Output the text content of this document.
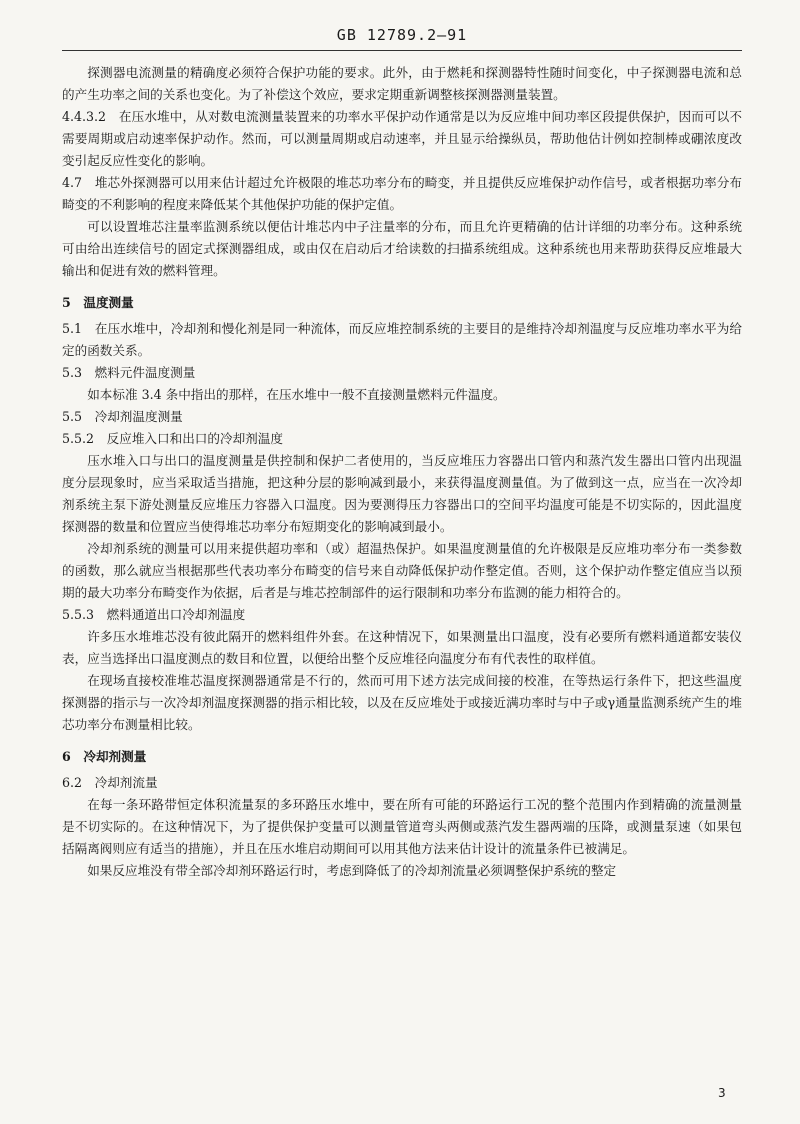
GB 12789.2—91
探测器电流测量的精确度必须符合保护功能的要求。此外，由于燃耗和探测器特性随时间变化，中子探测器电流和总的产生功率之间的关系也变化。为了补偿这个效应，要求定期重新调整核探测器测量装置。
4.4.3.2　在压水堆中，从对数电流测量装置来的功率水平保护动作通常是以为反应堆中间功率区段提供保护，因而可以不需要周期或启动速率保护动作。然而，可以测量周期或启动速率，并且显示给操纵员，帮助他估计例如控制棒或硼浓度改变引起反应性变化的影响。
4.7　堆芯外探测器可以用来估计超过允许极限的堆芯功率分布的畸变，并且提供反应堆保护动作信号，或者根据功率分布畸变的不利影响的程度来降低某个其他保护功能的保护定值。
可以设置堆芯注量率监测系统以便估计堆芯内中子注量率的分布，而且允许更精确的估计详细的功率分布。这种系统可由给出连续信号的固定式探测器组成，或由仅在启动后才给读数的扫描系统组成。这种系统也用来帮助获得反应堆最大输出和促进有效的燃料管理。
5　温度测量
5.1　在压水堆中，冷却剂和慢化剂是同一种流体，而反应堆控制系统的主要目的是维持冷却剂温度与反应堆功率水平为给定的函数关系。
5.3　燃料元件温度测量
如本标准 3.4 条中指出的那样，在压水堆中一般不直接测量燃料元件温度。
5.5　冷却剂温度测量
5.5.2　反应堆入口和出口的冷却剂温度
压水堆入口与出口的温度测量是供控制和保护二者使用的，当反应堆压力容器出口管内和蒸汽发生器出口管内出现温度分层现象时，应当采取适当措施，把这种分层的影响减到最小，来获得温度测量值。为了做到这一点，应当在一次冷却剂系统主泵下游处测量反应堆压力容器入口温度。因为要测得压力容器出口的空间平均温度可能是不切实际的，因此温度探测器的数量和位置应当使得堆芯功率分布短期变化的影响减到最小。
冷却剂系统的测量可以用来提供超功率和（或）超温热保护。如果温度测量值的允许极限是反应堆功率分布一类参数的函数，那么就应当根据那些代表功率分布畸变的信号来自动降低保护动作整定值。否则，这个保护动作整定值应当以预期的最大功率分布畸变作为依据，后者是与堆芯控制部件的运行限制和功率分布监测的能力相符合的。
5.5.3　燃料通道出口冷却剂温度
许多压水堆堆芯没有彼此隔开的燃料组件外套。在这种情况下，如果测量出口温度，没有必要所有燃料通道都安装仪表，应当选择出口温度测点的数目和位置，以便给出整个反应堆径向温度分布有代表性的取样值。
在现场直接校准堆芯温度探测器通常是不行的，然而可用下述方法完成间接的校准，在等热运行条件下，把这些温度探测器的指示与一次冷却剂温度探测器的指示相比较，以及在反应堆处于或接近满功率时与中子或γ通量监测系统产生的堆芯功率分布测量相比较。
6　冷却剂测量
6.2　冷却剂流量
在每一条环路带恒定体积流量泵的多环路压水堆中，要在所有可能的环路运行工况的整个范围内作到精确的流量测量是不切实际的。在这种情况下，为了提供保护变量可以测量管道弯头两侧或蒸汽发生器两端的压降，或测量泵速（如果包括隔离阀则应有适当的措施），并且在压水堆启动期间可以用其他方法来估计设计的流量条件已被满足。
如果反应堆没有带全部冷却剂环路运行时，考虑到降低了的冷却剂流量必须调整保护系统的整定
3
